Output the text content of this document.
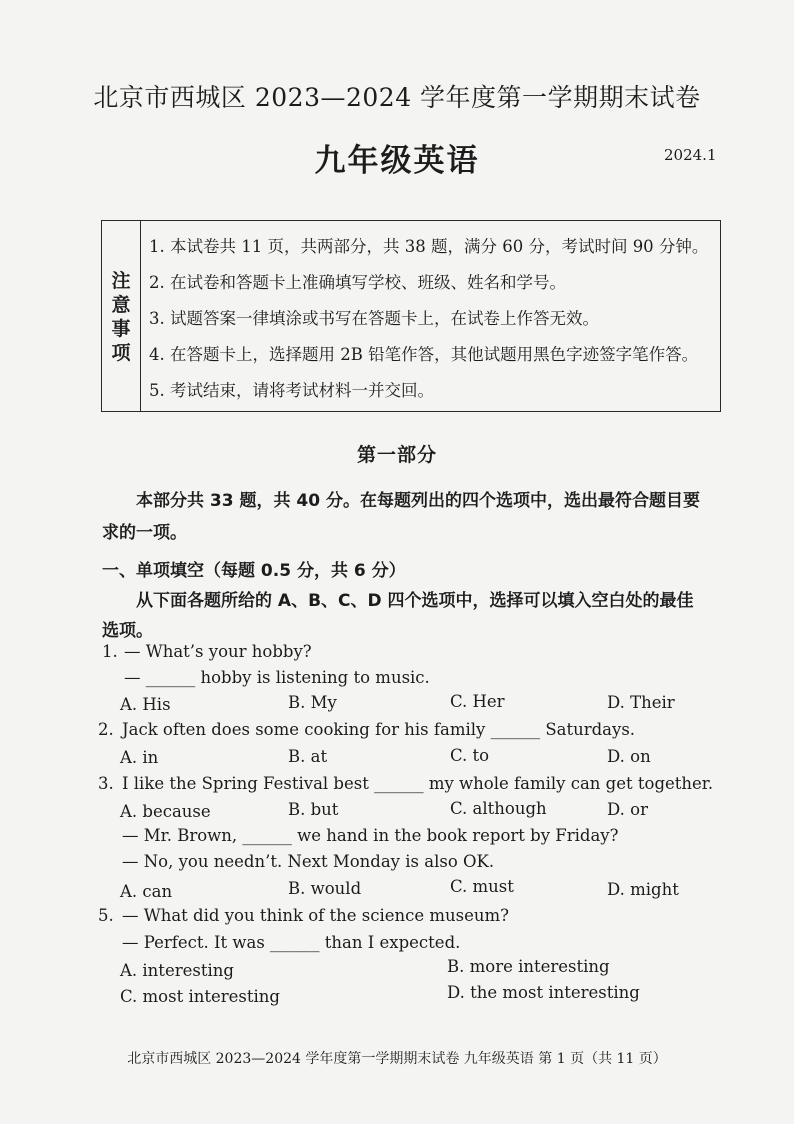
北京市西城区 2023—2024 学年度第一学期期末试卷
九年级英语	2024.1
注意事项
1. 本试卷共 11 页，共两部分，共 38 题，满分 60 分，考试时间 90 分钟。
2. 在试卷和答题卡上准确填写学校、班级、姓名和学号。
3. 试题答案一律填涂或书写在答题卡上，在试卷上作答无效。
4. 在答题卡上，选择题用 2B 铅笔作答，其他试题用黑色字迹签字笔作答。
5. 考试结束，请将考试材料一并交回。
第一部分
本部分共 33 题，共 40 分。在每题列出的四个选项中，选出最符合题目要
求的一项。
一、单项填空（每题 0.5 分，共 6 分）
从下面各题所给的 A、B、C、D 四个选项中，选择可以填入空白处的最佳
选项。
1. — What’s your hobby?
— ______ hobby is listening to music.
A. His	B. My	C. Her	D. Their
2. Jack often does some cooking for his family ______ Saturdays.
A. in	B. at	C. to	D. on
3. I like the Spring Festival best ______ my whole family can get together.
A. because	B. but	C. although	D. or
4. — Mr. Brown, ______ we hand in the book report by Friday?
— No, you needn’t. Next Monday is also OK.
A. can	B. would	C. must	D. might
5. — What did you think of the science museum?
— Perfect. It was ______ than I expected.
A. interesting	B. more interesting
C. most interesting	D. the most interesting
北京市西城区 2023—2024 学年度第一学期期末试卷 九年级英语 第 1 页（共 11 页）
